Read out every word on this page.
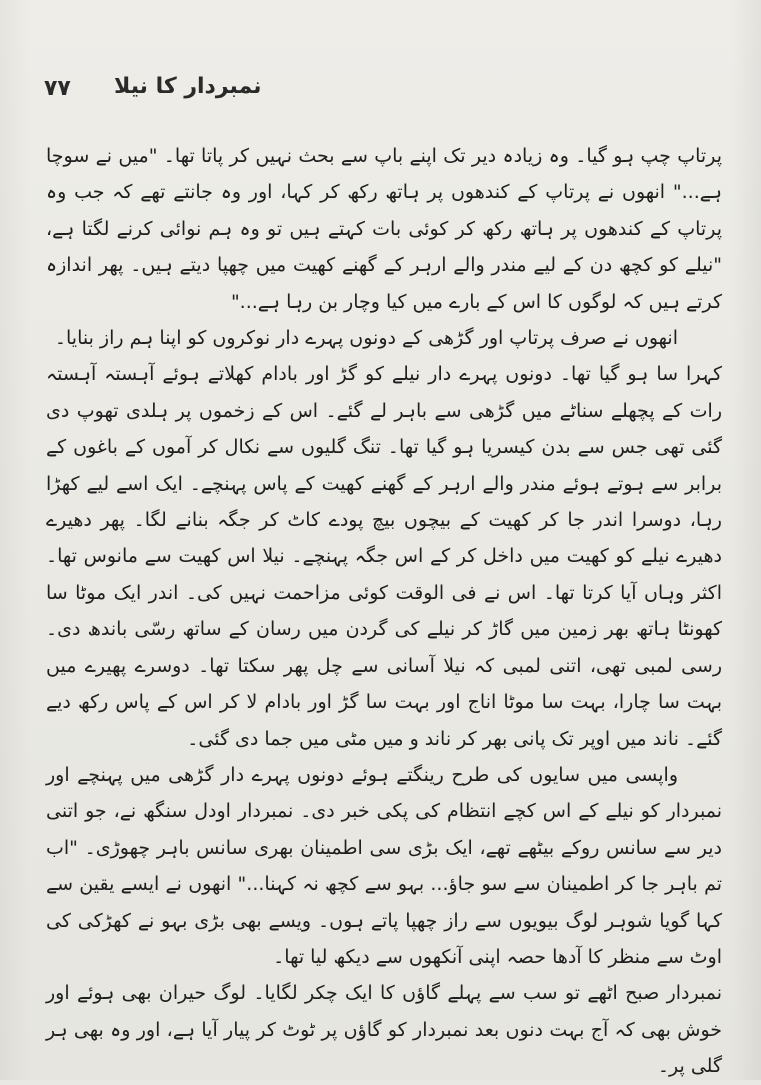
۷۷ نمبردار کا نیلا

پرتاپ چپ ہو گیا۔ وہ زیادہ دیر تک اپنے باپ سے بحث نہیں کر پاتا تھا۔ "میں نے سوچا ہے..." انھوں نے پرتاپ کے کندھوں پر ہاتھ رکھ کر کہا، اور وہ جانتے تھے کہ جب وہ پرتاپ کے کندھوں پر ہاتھ رکھ کر کوئی بات کہتے ہیں تو وہ ہم نوائی کرنے لگتا ہے، "نیلے کو کچھ دن کے لیے مندر والے ارہر کے گھنے کھیت میں چھپا دیتے ہیں۔ پھر اندازہ کرتے ہیں کہ لوگوں کا اس کے بارے میں کیا وچار بن رہا ہے..."

انھوں نے صرف پرتاپ اور گڑھی کے دونوں پہرے دار نوکروں کو اپنا ہم راز بنایا۔

کہرا سا ہو گیا تھا۔ دونوں پہرے دار نیلے کو گڑ اور بادام کھلاتے ہوئے آہستہ آہستہ رات کے پچھلے سناٹے میں گڑھی سے باہر لے گئے۔ اس کے زخموں پر ہلدی تھوپ دی گئی تھی جس سے بدن کیسریا ہو گیا تھا۔ تنگ گلیوں سے نکال کر آموں کے باغوں کے برابر سے ہوتے ہوئے مندر والے ارہر کے گھنے کھیت کے پاس پہنچے۔ ایک اسے لیے کھڑا رہا، دوسرا اندر جا کر کھیت کے بیچوں بیچ پودے کاٹ کر جگہ بنانے لگا۔ پھر دھیرے دھیرے نیلے کو کھیت میں داخل کر کے اس جگہ پہنچے۔ نیلا اس کھیت سے مانوس تھا۔ اکثر وہاں آیا کرتا تھا۔ اس نے فی الوقت کوئی مزاحمت نہیں کی۔ اندر ایک موٹا سا کھونٹا ہاتھ بھر زمین میں گاڑ کر نیلے کی گردن میں رسان کے ساتھ رسّی باندھ دی۔ رسی لمبی تھی، اتنی لمبی کہ نیلا آسانی سے چل پھر سکتا تھا۔ دوسرے پھیرے میں بہت سا چارا، بہت سا موٹا اناج اور بہت سا گڑ اور بادام لا کر اس کے پاس رکھ دیے گئے۔ ناند میں اوپر تک پانی بھر کر ناند و میں مٹی میں جما دی گئی۔

واپسی میں سایوں کی طرح رینگتے ہوئے دونوں پہرے دار گڑھی میں پہنچے اور نمبردار کو نیلے کے اس کچے انتظام کی پکی خبر دی۔ نمبردار اودل سنگھ نے، جو اتنی دیر سے سانس روکے بیٹھے تھے، ایک بڑی سی اطمینان بھری سانس باہر چھوڑی۔ "اب تم باہر جا کر اطمینان سے سو جاؤ... بہو سے کچھ نہ کہنا..." انھوں نے ایسے یقین سے کہا گویا شوہر لوگ بیویوں سے راز چھپا پاتے ہوں۔ ویسے بھی بڑی بہو نے کھڑکی کی اوٹ سے منظر کا آدھا حصہ اپنی آنکھوں سے دیکھ لیا تھا۔

نمبردار صبح اٹھے تو سب سے پہلے گاؤں کا ایک چکر لگایا۔ لوگ حیران بھی ہوئے اور خوش بھی کہ آج بہت دنوں بعد نمبردار کو گاؤں پر ٹوٹ کر پیار آیا ہے، اور وہ بھی ہر گلی پر۔
